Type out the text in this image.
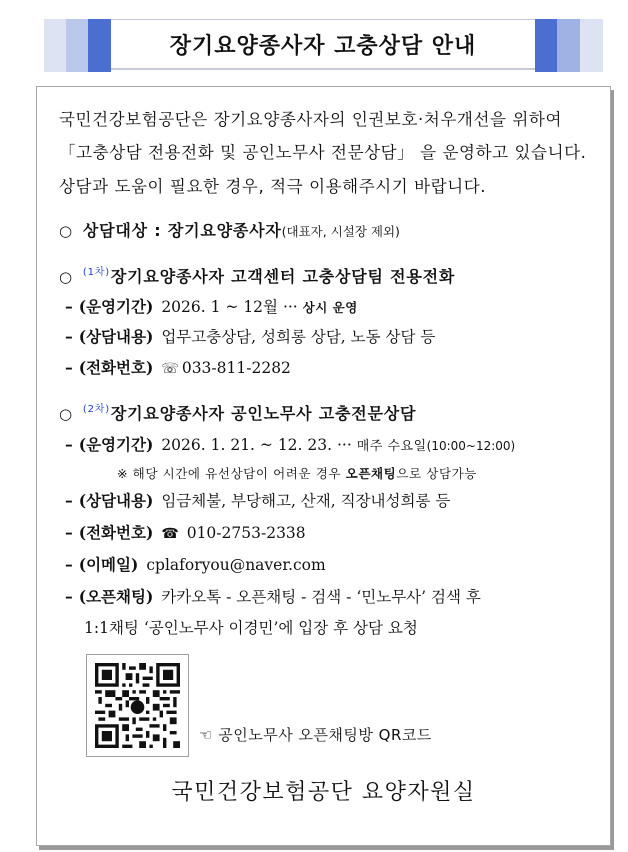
장기요양종사자 고충상담 안내
국민건강보험공단은 장기요양종사자의 인권보호·처우개선을 위하여
「고충상담 전용전화 및 공인노무사 전문상담」 을 운영하고 있습니다.
상담과 도움이 필요한 경우, 적극 이용해주시기 바랍니다.
○ 상담대상 : 장기요양종사자(대표자, 시설장 제외)
○ $^{(1차)}$장기요양종사자 고객센터 고충상담팀 전용전화
– (운영기간) 2026. 1 ~ 12월 ··· 상시 운영
– (상담내용) 업무고충상담, 성희롱 상담, 노동 상담 등
– (전화번호) ☏ 033-811-2282
○ $^{(2차)}$장기요양종사자 공인노무사 고충전문상담
– (운영기간) 2026. 1. 21. ~ 12. 23. ··· 매주 수요일(10:00~12:00)
※ 해당 시간에 유선상담이 어려운 경우 오픈채팅으로 상담가능
– (상담내용) 임금체불, 부당해고, 산재, 직장내성희롱 등
– (전화번호) ☎ 010-2753-2338
– (이메일) cplaforyou@naver.com
– (오픈채팅) 카카오톡 - 오픈채팅 - 검색 - ‘민노무사’ 검색 후
1:1채팅 ‘공인노무사 이경민’에 입장 후 상담 요청
☜ 공인노무사 오픈채팅방 QR코드
국민건강보험공단 요양자원실
